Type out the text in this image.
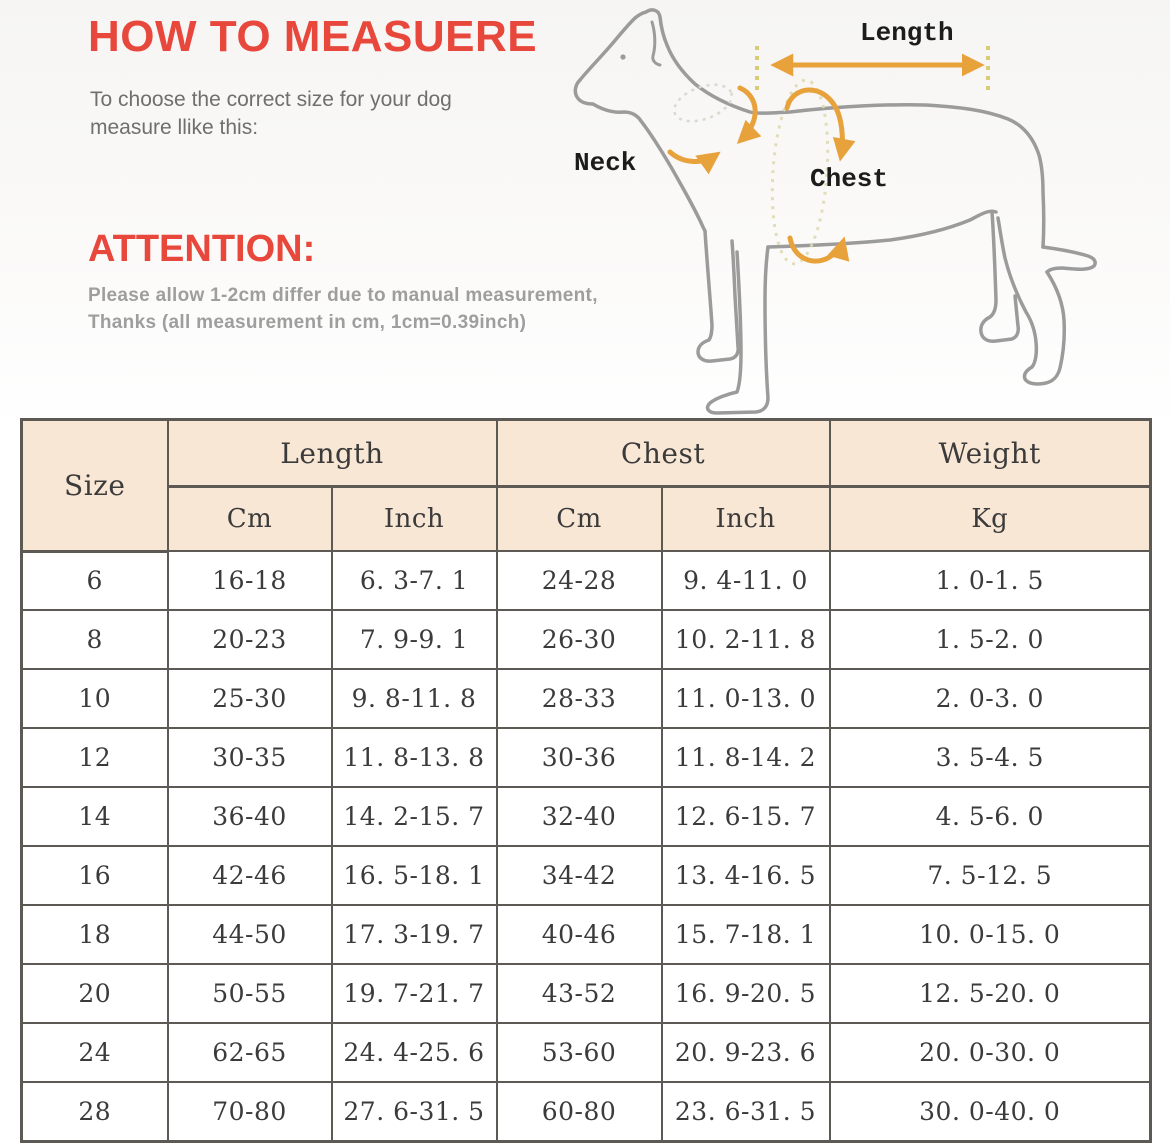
HOW TO MEASUERE
To choose the correct size for your dog
measure llike this:
ATTENTION:
Please allow 1-2cm differ due to manual measurement,
Thanks (all measurement in cm, 1cm=0.39inch)
Length
Neck
Chest
Size	Length		Chest		Weight
	Cm	Inch	Cm	Inch	Kg
6	16-18	6. 3-7. 1	24-28	9. 4-11. 0	1. 0-1. 5
8	20-23	7. 9-9. 1	26-30	10. 2-11. 8	1. 5-2. 0
10	25-30	9. 8-11. 8	28-33	11. 0-13. 0	2. 0-3. 0
12	30-35	11. 8-13. 8	30-36	11. 8-14. 2	3. 5-4. 5
14	36-40	14. 2-15. 7	32-40	12. 6-15. 7	4. 5-6. 0
16	42-46	16. 5-18. 1	34-42	13. 4-16. 5	7. 5-12. 5
18	44-50	17. 3-19. 7	40-46	15. 7-18. 1	10. 0-15. 0
20	50-55	19. 7-21. 7	43-52	16. 9-20. 5	12. 5-20. 0
24	62-65	24. 4-25. 6	53-60	20. 9-23. 6	20. 0-30. 0
28	70-80	27. 6-31. 5	60-80	23. 6-31. 5	30. 0-40. 0
